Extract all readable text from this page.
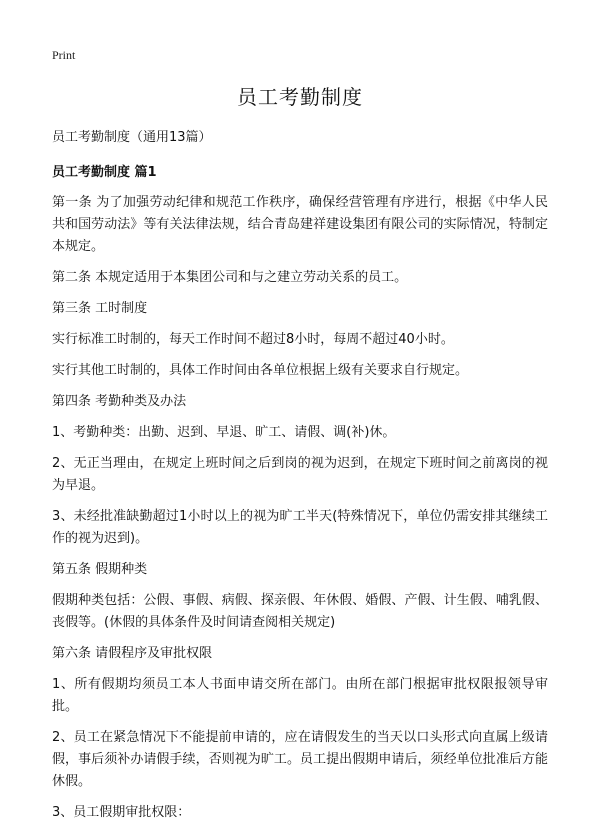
Print
员工考勤制度

员工考勤制度（通用13篇）

员工考勤制度 篇1

第一条 为了加强劳动纪律和规范工作秩序，确保经营管理有序进行，根据《中华人民共和国劳动法》等有关法律法规，结合青岛建祥建设集团有限公司的实际情况，特制定本规定。

第二条 本规定适用于本集团公司和与之建立劳动关系的员工。

第三条 工时制度

实行标准工时制的，每天工作时间不超过8小时，每周不超过40小时。

实行其他工时制的，具体工作时间由各单位根据上级有关要求自行规定。

第四条 考勤种类及办法

1、考勤种类：出勤、迟到、早退、旷工、请假、调(补)休。

2、无正当理由，在规定上班时间之后到岗的视为迟到，在规定下班时间之前离岗的视为早退。

3、未经批准缺勤超过1小时以上的视为旷工半天(特殊情况下，单位仍需安排其继续工作的视为迟到)。

第五条 假期种类

假期种类包括：公假、事假、病假、探亲假、年休假、婚假、产假、计生假、哺乳假、丧假等。(休假的具体条件及时间请查阅相关规定)

第六条 请假程序及审批权限

1、所有假期均须员工本人书面申请交所在部门。由所在部门根据审批权限报领导审批。

2、员工在紧急情况下不能提前申请的，应在请假发生的当天以口头形式向直属上级请假，事后须补办请假手续，否则视为旷工。员工提出假期申请后，须经单位批准后方能休假。

3、员工假期审批权限：
